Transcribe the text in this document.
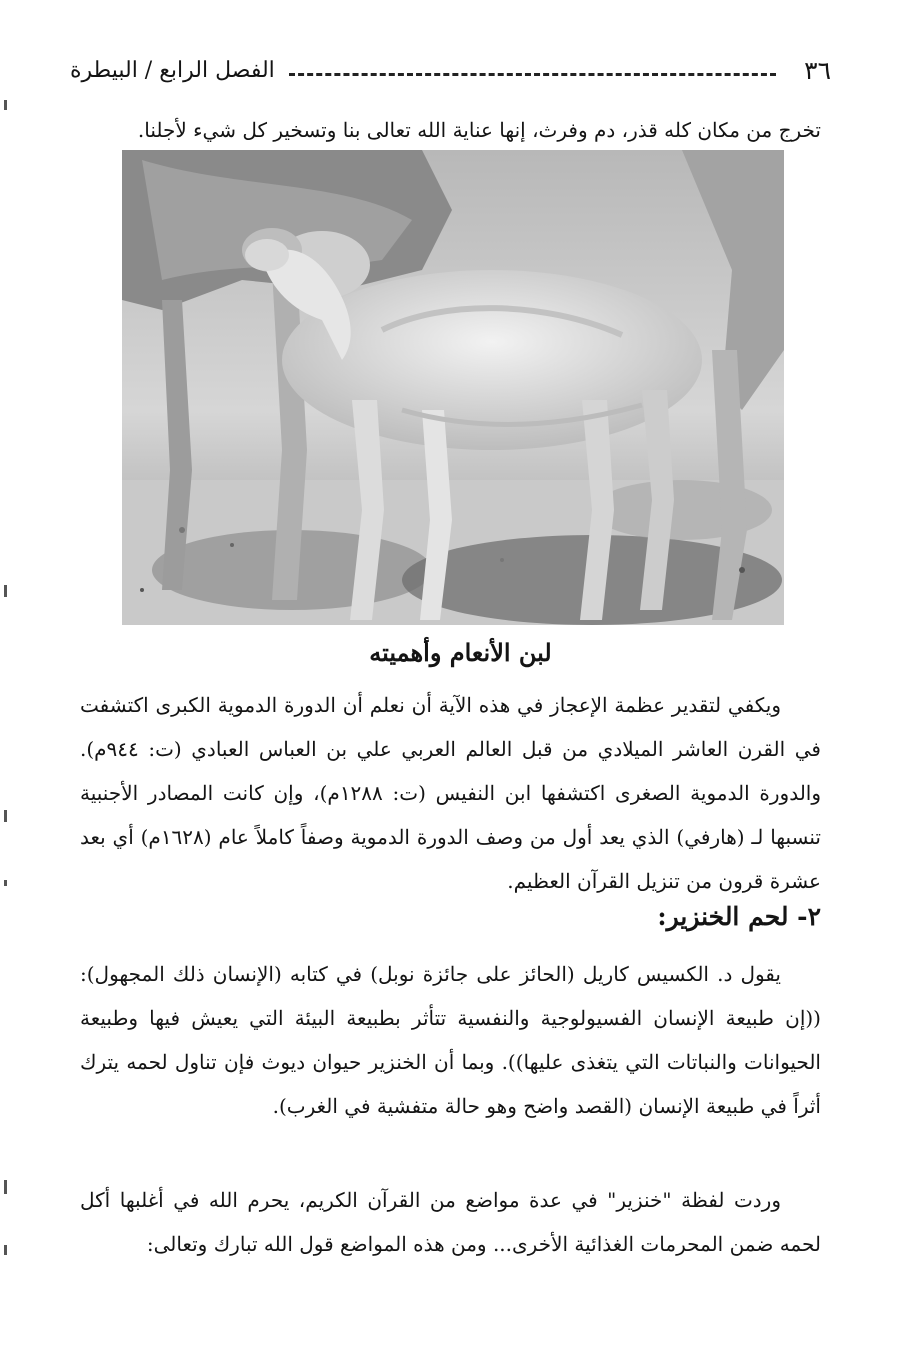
٣٦
الفصل الرابع / البيطرة
تخرج من مكان كله قذر، دم وفرث، إنها عناية الله تعالى بنا وتسخير كل شيء لأجلنا.
لبن الأنعام وأهميته
ويكفي لتقدير عظمة الإعجاز في هذه الآية أن نعلم أن الدورة الدموية الكبرى اكتشفت في القرن العاشر الميلادي من قبل العالم العربي علي بن العباس العبادي (ت: ٩٤٤م). والدورة الدموية الصغرى اكتشفها ابن النفيس (ت: ١٢٨٨م)، وإن كانت المصادر الأجنبية تنسبها لـ (هارفي) الذي يعد أول من وصف الدورة الدموية وصفاً كاملاً عام (١٦٢٨م) أي بعد عشرة قرون من تنزيل القرآن العظيم.
٢- لحم الخنزير:
يقول د. الكسيس كاريل (الحائز على جائزة نوبل) في كتابه (الإنسان ذلك المجهول): ((إن طبيعة الإنسان الفسيولوجية والنفسية تتأثر بطبيعة البيئة التي يعيش فيها وطبيعة الحيوانات والنباتات التي يتغذى عليها)). وبما أن الخنزير حيوان ديوث فإن تناول لحمه يترك أثراً في طبيعة الإنسان (القصد واضح وهو حالة متفشية في الغرب).
وردت لفظة "خنزير" في عدة مواضع من القرآن الكريم، يحرم الله في أغلبها أكل لحمه ضمن المحرمات الغذائية الأخرى... ومن هذه المواضع قول الله تبارك وتعالى:
